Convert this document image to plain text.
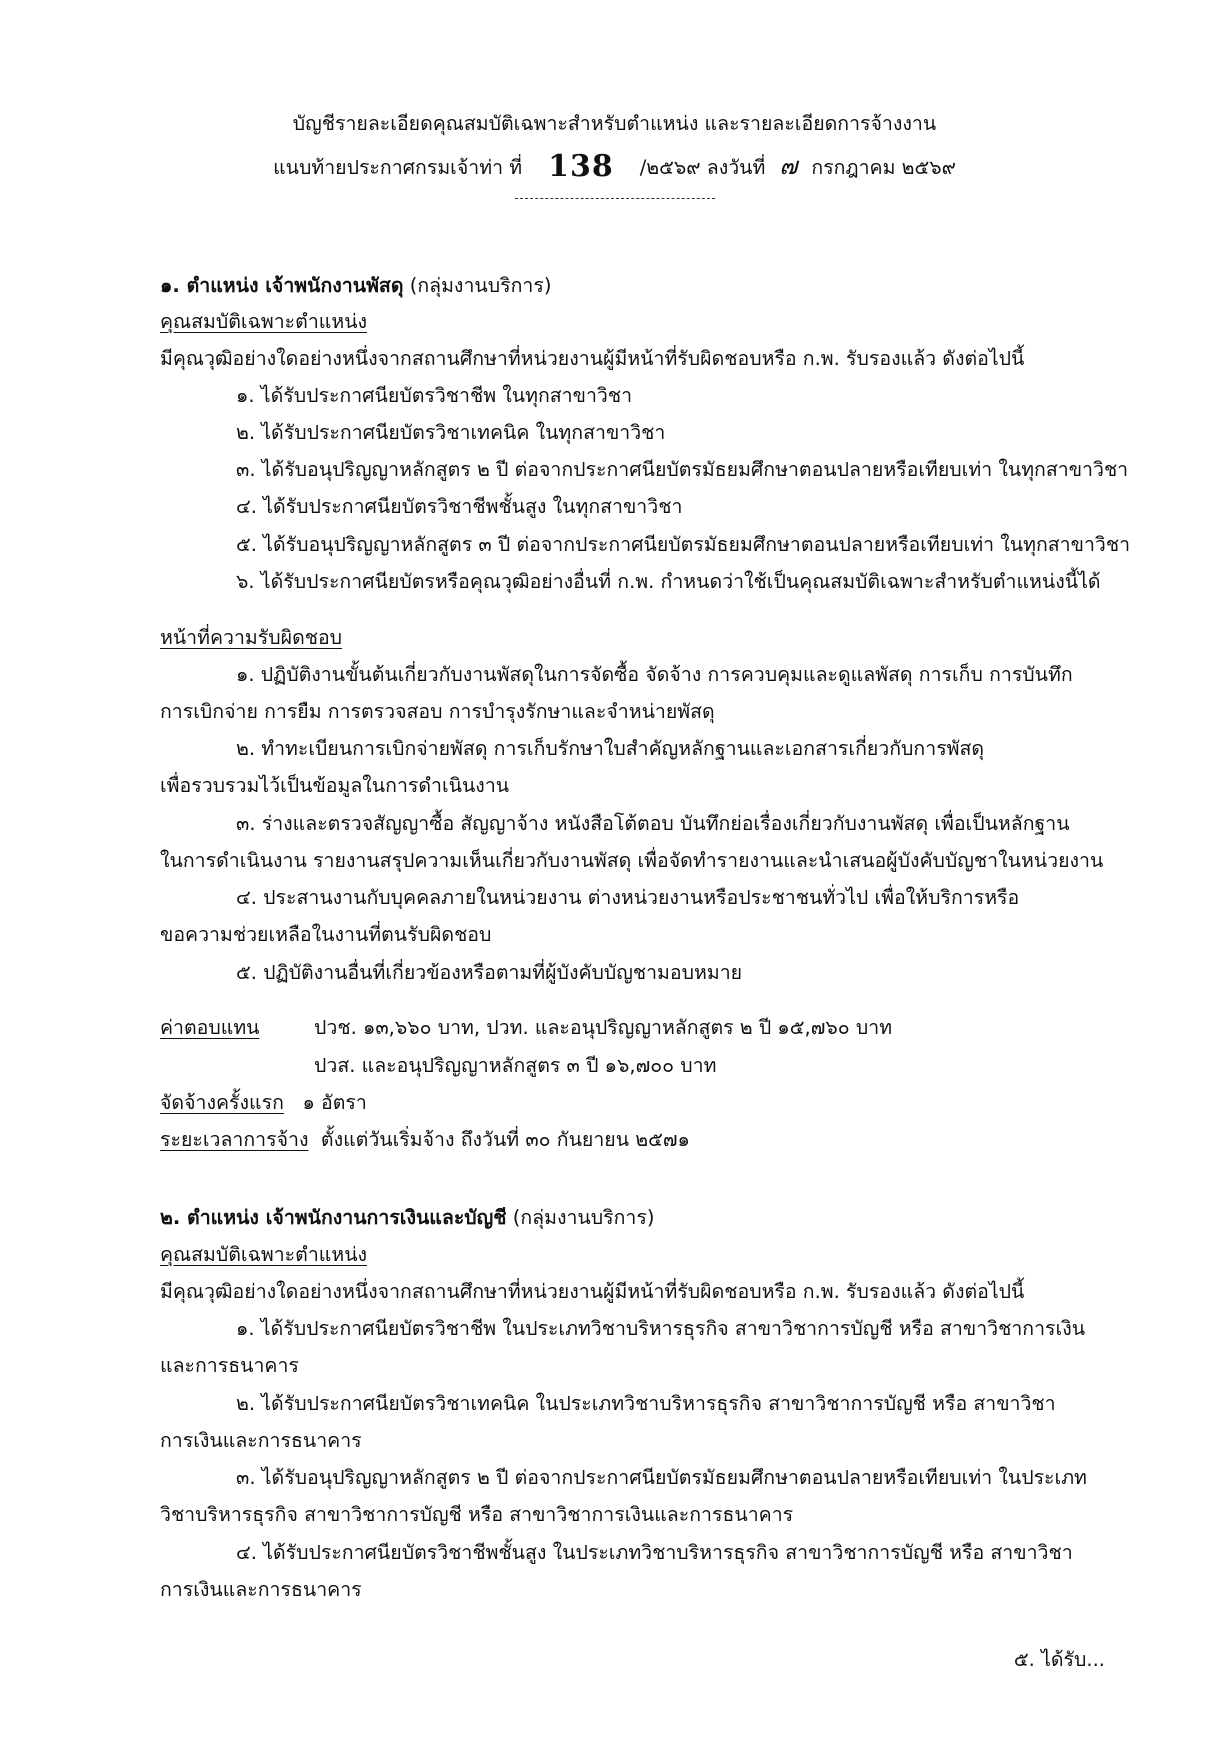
บัญชีรายละเอียดคุณสมบัติเฉพาะสำหรับตำแหน่ง และรายละเอียดการจ้างงาน
แนบท้ายประกาศกรมเจ้าท่า ที่ 138 /๒๕๖๙ ลงวันที่ ๗ กรกฎาคม ๒๕๖๙
๑. ตำแหน่ง เจ้าพนักงานพัสดุ (กลุ่มงานบริการ)
คุณสมบัติเฉพาะตำแหน่ง
มีคุณวุฒิอย่างใดอย่างหนึ่งจากสถานศึกษาที่หน่วยงานผู้มีหน้าที่รับผิดชอบหรือ ก.พ. รับรองแล้ว ดังต่อไปนี้
๑. ได้รับประกาศนียบัตรวิชาชีพ ในทุกสาขาวิชา
๒. ได้รับประกาศนียบัตรวิชาเทคนิค ในทุกสาขาวิชา
๓. ได้รับอนุปริญญาหลักสูตร ๒ ปี ต่อจากประกาศนียบัตรมัธยมศึกษาตอนปลายหรือเทียบเท่า ในทุกสาขาวิชา
๔. ได้รับประกาศนียบัตรวิชาชีพชั้นสูง ในทุกสาขาวิชา
๕. ได้รับอนุปริญญาหลักสูตร ๓ ปี ต่อจากประกาศนียบัตรมัธยมศึกษาตอนปลายหรือเทียบเท่า ในทุกสาขาวิชา
๖. ได้รับประกาศนียบัตรหรือคุณวุฒิอย่างอื่นที่ ก.พ. กำหนดว่าใช้เป็นคุณสมบัติเฉพาะสำหรับตำแหน่งนี้ได้
หน้าที่ความรับผิดชอบ
๑. ปฏิบัติงานขั้นต้นเกี่ยวกับงานพัสดุในการจัดซื้อ จัดจ้าง การควบคุมและดูแลพัสดุ การเก็บ การบันทึก
การเบิกจ่าย การยืม การตรวจสอบ การบำรุงรักษาและจำหน่ายพัสดุ
๒. ทำทะเบียนการเบิกจ่ายพัสดุ การเก็บรักษาใบสำคัญหลักฐานและเอกสารเกี่ยวกับการพัสดุ
เพื่อรวบรวมไว้เป็นข้อมูลในการดำเนินงาน
๓. ร่างและตรวจสัญญาซื้อ สัญญาจ้าง หนังสือโต้ตอบ บันทึกย่อเรื่องเกี่ยวกับงานพัสดุ เพื่อเป็นหลักฐาน
ในการดำเนินงาน รายงานสรุปความเห็นเกี่ยวกับงานพัสดุ เพื่อจัดทำรายงานและนำเสนอผู้บังคับบัญชาในหน่วยงาน
๔. ประสานงานกับบุคคลภายในหน่วยงาน ต่างหน่วยงานหรือประชาชนทั่วไป เพื่อให้บริการหรือ
ขอความช่วยเหลือในงานที่ตนรับผิดชอบ
๕. ปฏิบัติงานอื่นที่เกี่ยวข้องหรือตามที่ผู้บังคับบัญชามอบหมาย
ค่าตอบแทน	ปวช. ๑๓,๖๖๐ บาท, ปวท. และอนุปริญญาหลักสูตร ๒ ปี ๑๕,๗๖๐ บาท
ปวส. และอนุปริญญาหลักสูตร ๓ ปี ๑๖,๗๐๐ บาท
จัดจ้างครั้งแรก ๑ อัตรา
ระยะเวลาการจ้าง ตั้งแต่วันเริ่มจ้าง ถึงวันที่ ๓๐ กันยายน ๒๕๗๑
๒. ตำแหน่ง เจ้าพนักงานการเงินและบัญชี (กลุ่มงานบริการ)
คุณสมบัติเฉพาะตำแหน่ง
มีคุณวุฒิอย่างใดอย่างหนึ่งจากสถานศึกษาที่หน่วยงานผู้มีหน้าที่รับผิดชอบหรือ ก.พ. รับรองแล้ว ดังต่อไปนี้
๑. ได้รับประกาศนียบัตรวิชาชีพ ในประเภทวิชาบริหารธุรกิจ สาขาวิชาการบัญชี หรือ สาขาวิชาการเงิน
และการธนาคาร
๒. ได้รับประกาศนียบัตรวิชาเทคนิค ในประเภทวิชาบริหารธุรกิจ สาขาวิชาการบัญชี หรือ สาขาวิชา
การเงินและการธนาคาร
๓. ได้รับอนุปริญญาหลักสูตร ๒ ปี ต่อจากประกาศนียบัตรมัธยมศึกษาตอนปลายหรือเทียบเท่า ในประเภท
วิชาบริหารธุรกิจ สาขาวิชาการบัญชี หรือ สาขาวิชาการเงินและการธนาคาร
๔. ได้รับประกาศนียบัตรวิชาชีพชั้นสูง ในประเภทวิชาบริหารธุรกิจ สาขาวิชาการบัญชี หรือ สาขาวิชา
การเงินและการธนาคาร
๕. ได้รับ...
